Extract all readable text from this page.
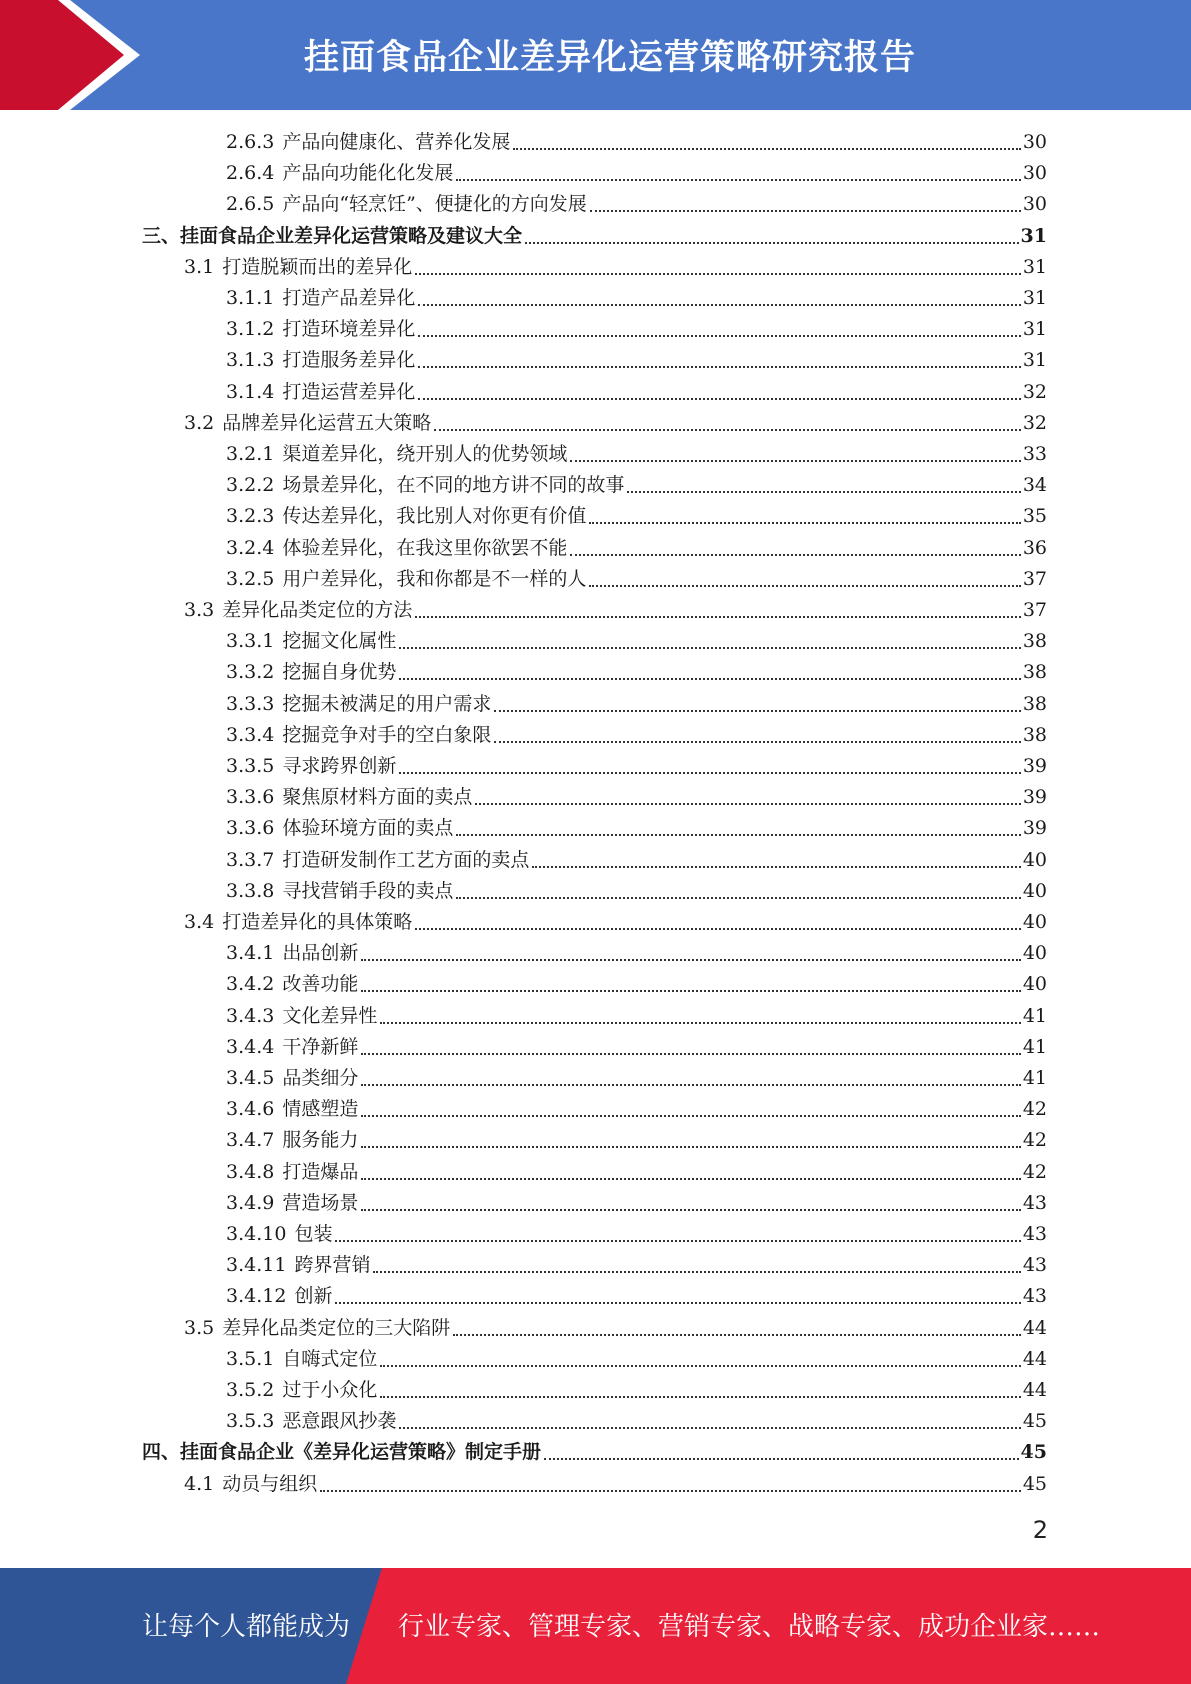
挂面食品企业差异化运营策略研究报告
2.6.3 产品向健康化、营养化发展	30
2.6.4 产品向功能化化发展	30
2.6.5 产品向“轻烹饪”、便捷化的方向发展	30
三、挂面食品企业差异化运营策略及建议大全	31
3.1 打造脱颖而出的差异化	31
3.1.1 打造产品差异化	31
3.1.2 打造环境差异化	31
3.1.3 打造服务差异化	31
3.1.4 打造运营差异化	32
3.2 品牌差异化运营五大策略	32
3.2.1 渠道差异化，绕开别人的优势领域	33
3.2.2 场景差异化，在不同的地方讲不同的故事	34
3.2.3 传达差异化，我比别人对你更有价值	35
3.2.4 体验差异化，在我这里你欲罢不能	36
3.2.5 用户差异化，我和你都是不一样的人	37
3.3 差异化品类定位的方法	37
3.3.1 挖掘文化属性	38
3.3.2 挖掘自身优势	38
3.3.3 挖掘未被满足的用户需求	38
3.3.4 挖掘竞争对手的空白象限	38
3.3.5 寻求跨界创新	39
3.3.6 聚焦原材料方面的卖点	39
3.3.6 体验环境方面的卖点	39
3.3.7 打造研发制作工艺方面的卖点	40
3.3.8 寻找营销手段的卖点	40
3.4 打造差异化的具体策略	40
3.4.1 出品创新	40
3.4.2 改善功能	40
3.4.3 文化差异性	41
3.4.4 干净新鲜	41
3.4.5 品类细分	41
3.4.6 情感塑造	42
3.4.7 服务能力	42
3.4.8 打造爆品	42
3.4.9 营造场景	43
3.4.10 包装	43
3.4.11 跨界营销	43
3.4.12 创新	43
3.5 差异化品类定位的三大陷阱	44
3.5.1 自嗨式定位	44
3.5.2 过于小众化	44
3.5.3 恶意跟风抄袭	45
四、挂面食品企业《差异化运营策略》制定手册	45
4.1 动员与组织	45
2
让每个人都能成为 行业专家、管理专家、营销专家、战略专家、成功企业家……
